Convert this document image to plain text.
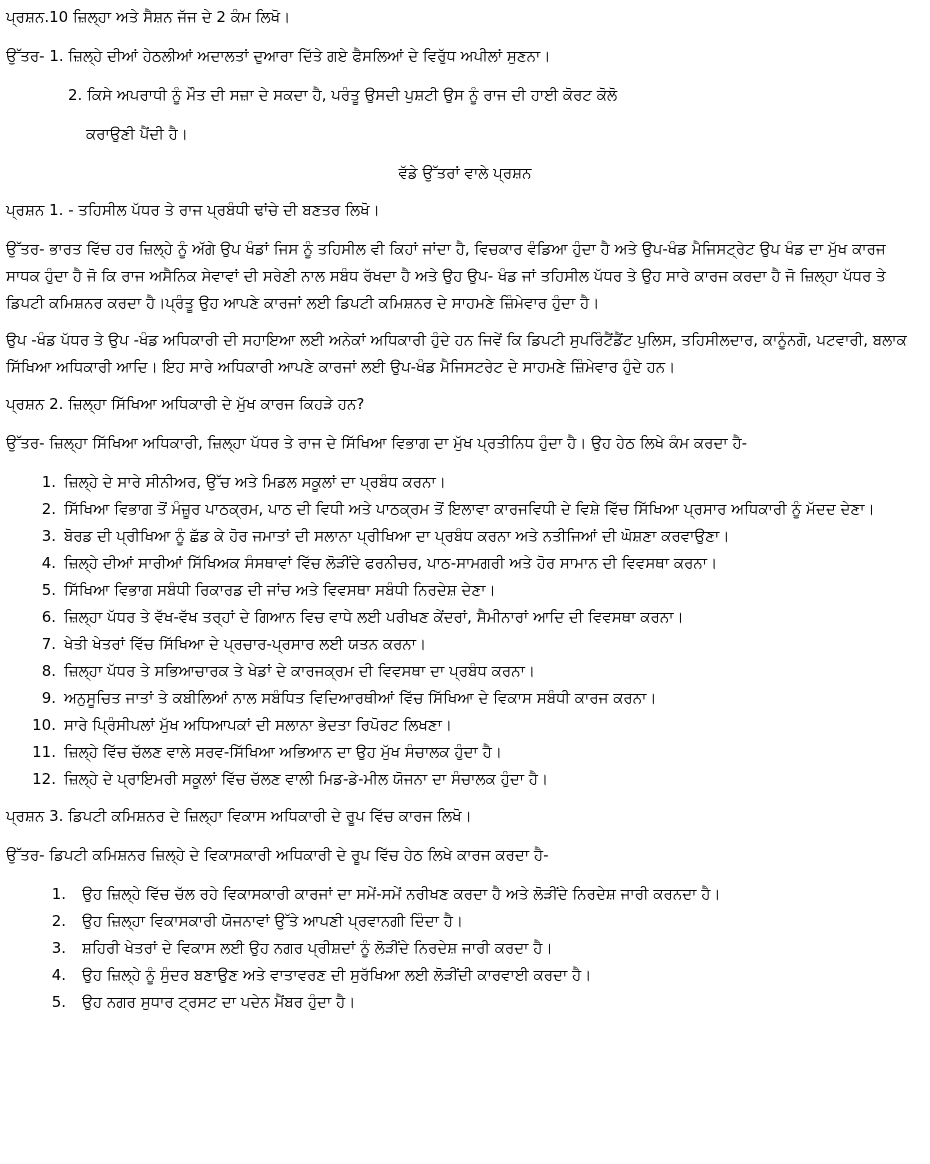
ਪ੍ਰਸ਼ਨ.10 ਜ਼ਿਲ੍ਹਾ ਅਤੇ ਸੈਸ਼ਨ ਜੱਜ ਦੇ 2 ਕੰਮ ਲਿਖੋ।

ਉੱਤਰ- 1. ਜ਼ਿਲ੍ਹੇ ਦੀਆਂ ਹੇਠਲੀਆਂ ਅਦਾਲਤਾਂ ਦੁਆਰਾ ਦਿੱਤੇ ਗਏ ਫੈਸਲਿਆਂ ਦੇ ਵਿਰੁੱਧ ਅਪੀਲਾਂ ਸੁਣਨਾ।

2. ਕਿਸੇ ਅਪਰਾਧੀ ਨੂੰ ਮੌਤ ਦੀ ਸਜ਼ਾ ਦੇ ਸਕਦਾ ਹੈ, ਪਰੰਤੂ ਉਸਦੀ ਪੁਸ਼ਟੀ ਉਸ ਨੂੰ ਰਾਜ ਦੀ ਹਾਈ ਕੋਰਟ ਕੋਲੋ

ਕਰਾਉਣੀ ਪੈਂਦੀ ਹੈ।

ਵੱਡੇ ਉੱਤਰਾਂ ਵਾਲੇ ਪ੍ਰਸ਼ਨ

ਪ੍ਰਸ਼ਨ 1. - ਤਹਿਸੀਲ ਪੱਧਰ ਤੇ ਰਾਜ ਪ੍ਰਬੰਧੀ ਢਾਂਚੇ ਦੀ ਬਣਤਰ ਲਿਖੋ।

ਉੱਤਰ- ਭਾਰਤ ਵਿੱਚ ਹਰ ਜ਼ਿਲ੍ਹੇ ਨੂੰ ਅੱਗੇ ਉਪ ਖੰਡਾਂ ਜਿਸ ਨੂੰ ਤਹਿਸੀਲ ਵੀ ਕਿਹਾਂ ਜਾਂਦਾ ਹੈ, ਵਿਚਕਾਰ ਵੰਡਿਆ ਹੁੰਦਾ ਹੈ ਅਤੇ ਉਪ-ਖੰਡ ਮੈਜਿਸਟ੍ਰੇਟ ਉਪ ਖੰਡ ਦਾ ਮੁੱਖ ਕਾਰਜ ਸਾਧਕ ਹੁੰਦਾ ਹੈ ਜੋ ਕਿ ਰਾਜ ਅਸੈਨਿਕ ਸੇਵਾਵਾਂ ਦੀ ਸਰੇਣੀ ਨਾਲ ਸਬੰਧ ਰੱਖਦਾ ਹੈ ਅਤੇ ਉਹ ਉਪ- ਖੰਡ ਜਾਂ ਤਹਿਸੀਲ ਪੱਧਰ ਤੇ ਉਹ ਸਾਰੇ ਕਾਰਜ ਕਰਦਾ ਹੈ ਜੋ ਜ਼ਿਲ੍ਹਾ ਪੱਧਰ ਤੇ ਡਿਪਟੀ ਕਮਿਸ਼ਨਰ ਕਰਦਾ ਹੈ।ਪ੍ਰੰਤੂ ਉਹ ਆਪਣੇ ਕਾਰਜਾਂ ਲਈ ਡਿਪਟੀ ਕਮਿਸ਼ਨਰ ਦੇ ਸਾਹਮਣੇ ਜ਼ਿੰਮੇਵਾਰ ਹੁੰਦਾ ਹੈ।

ਉਪ -ਖੰਡ ਪੱਧਰ ਤੇ ਉਪ -ਖੰਡ ਅਧਿਕਾਰੀ ਦੀ ਸਹਾਇਆ ਲਈ ਅਨੇਕਾਂ ਅਧਿਕਾਰੀ ਹੁੰਦੇ ਹਨ ਜਿਵੇਂ ਕਿ ਡਿਪਟੀ ਸੁਪਰਿੰਟੈਂਡੈਂਟ ਪੁਲਿਸ, ਤਹਿਸੀਲਦਾਰ, ਕਾਨੂੰਨਗੋ, ਪਟਵਾਰੀ, ਬਲਾਕ ਸਿੱਖਿਆ ਅਧਿਕਾਰੀ ਆਦਿ। ਇਹ ਸਾਰੇ ਅਧਿਕਾਰੀ ਆਪਣੇ ਕਾਰਜਾਂ ਲਈ ਉਪ-ਖੰਡ ਮੈਜਿਸਟਰੇਟ ਦੇ ਸਾਹਮਣੇ ਜ਼ਿੰਮੇਵਾਰ ਹੁੰਦੇ ਹਨ।

ਪ੍ਰਸ਼ਨ 2. ਜ਼ਿਲ੍ਹਾ ਸਿੱਖਿਆ ਅਧਿਕਾਰੀ ਦੇ ਮੁੱਖ ਕਾਰਜ ਕਿਹੜੇ ਹਨ?

ਉੱਤਰ- ਜ਼ਿਲ੍ਹਾ ਸਿੱਖਿਆ ਅਧਿਕਾਰੀ, ਜ਼ਿਲ੍ਹਾ ਪੱਧਰ ਤੇ ਰਾਜ ਦੇ ਸਿੱਖਿਆ ਵਿਭਾਗ ਦਾ ਮੁੱਖ ਪ੍ਰਤੀਨਿਧ ਹੁੰਦਾ ਹੈ। ਉਹ ਹੇਠ ਲਿਖੇ ਕੰਮ ਕਰਦਾ ਹੈ-

1. ਜ਼ਿਲ੍ਹੇ ਦੇ ਸਾਰੇ ਸੀਨੀਅਰ, ਉੱਚ ਅਤੇ ਮਿਡਲ ਸਕੂਲਾਂ ਦਾ ਪ੍ਰਬੰਧ ਕਰਨਾ।
2. ਸਿੱਖਿਆ ਵਿਭਾਗ ਤੋਂ ਮੰਜ਼ੂਰ ਪਾਠਕ੍ਰਮ, ਪਾਠ ਦੀ ਵਿਧੀ ਅਤੇ ਪਾਠਕ੍ਰਮ ਤੋਂ ਇਲਾਵਾ ਕਾਰਜਵਿਧੀ ਦੇ ਵਿਸ਼ੇ ਵਿੱਚ ਸਿੱਖਿਆ ਪ੍ਰਸਾਰ ਅਧਿਕਾਰੀ ਨੂੰ ਮੱਦਦ ਦੇਣਾ।
3. ਬੋਰਡ ਦੀ ਪ੍ਰੀਖਿਆ ਨੂੰ ਛੱਡ ਕੇ ਹੋਰ ਜਮਾਤਾਂ ਦੀ ਸਲਾਨਾ ਪ੍ਰੀਖਿਆ ਦਾ ਪ੍ਰਬੰਧ ਕਰਨਾ ਅਤੇ ਨਤੀਜਿਆਂ ਦੀ ਘੋਸ਼ਣਾ ਕਰਵਾਉਣਾ।
4. ਜ਼ਿਲ੍ਹੇ ਦੀਆਂ ਸਾਰੀਆਂ ਸਿੱਖਿਅਕ ਸੰਸਥਾਵਾਂ ਵਿੱਚ ਲੋੜੀਂਦੇ ਫਰਨੀਚਰ, ਪਾਠ-ਸਾਮਗਰੀ ਅਤੇ ਹੋਰ ਸਾਮਾਨ ਦੀ ਵਿਵਸਥਾ ਕਰਨਾ।
5. ਸਿੱਖਿਆ ਵਿਭਾਗ ਸਬੰਧੀ ਰਿਕਾਰਡ ਦੀ ਜਾਂਚ ਅਤੇ ਵਿਵਸਥਾ ਸਬੰਧੀ ਨਿਰਦੇਸ਼ ਦੇਣਾ।
6. ਜ਼ਿਲ੍ਹਾ ਪੱਧਰ ਤੇ ਵੱਖ-ਵੱਖ ਤਰ੍ਹਾਂ ਦੇ ਗਿਆਨ ਵਿਚ ਵਾਧੇ ਲਈ ਪਰੀਖਣ ਕੇਂਦਰਾਂ, ਸੈਮੀਨਾਰਾਂ ਆਦਿ ਦੀ ਵਿਵਸਥਾ ਕਰਨਾ।
7. ਖੇਤੀ ਖੇਤਰਾਂ ਵਿੱਚ ਸਿੱਖਿਆ ਦੇ ਪ੍ਰਚਾਰ-ਪ੍ਰਸਾਰ ਲਈ ਯਤਨ ਕਰਨਾ।
8. ਜ਼ਿਲ੍ਹਾ ਪੱਧਰ ਤੇ ਸਭਿਆਚਾਰਕ ਤੇ ਖੇਡਾਂ ਦੇ ਕਾਰਜਕ੍ਰਮ ਦੀ ਵਿਵਸਥਾ ਦਾ ਪ੍ਰਬੰਧ ਕਰਨਾ।
9. ਅਨੁਸੂਚਿਤ ਜਾਤਾਂ ਤੇ ਕਬੀਲਿਆਂ ਨਾਲ ਸਬੰਧਿਤ ਵਿਦਿਆਰਥੀਆਂ ਵਿੱਚ ਸਿੱਖਿਆ ਦੇ ਵਿਕਾਸ ਸਬੰਧੀ ਕਾਰਜ ਕਰਨਾ।
10. ਸਾਰੇ ਪ੍ਰਿੰਸੀਪਲਾਂ ਮੁੱਖ ਅਧਿਆਪਕਾਂ ਦੀ ਸਲਾਨਾ ਭੇਦਤਾ ਰਿਪੋਰਟ ਲਿਖਣਾ।
11. ਜ਼ਿਲ੍ਹੇ ਵਿੱਚ ਚੱਲਣ ਵਾਲੇ ਸਰਵ-ਸਿੱਖਿਆ ਅਭਿਆਨ ਦਾ ਉਹ ਮੁੱਖ ਸੰਚਾਲਕ ਹੁੰਦਾ ਹੈ।
12. ਜ਼ਿਲ੍ਹੇ ਦੇ ਪ੍ਰਾਇਮਰੀ ਸਕੂਲਾਂ ਵਿੱਚ ਚੱਲਣ ਵਾਲੀ ਮਿਡ-ਡੇ-ਮੀਲ ਯੋਜਨਾ ਦਾ ਸੰਚਾਲਕ ਹੁੰਦਾ ਹੈ।

ਪ੍ਰਸ਼ਨ 3. ਡਿਪਟੀ ਕਮਿਸ਼ਨਰ ਦੇ ਜ਼ਿਲ੍ਹਾ ਵਿਕਾਸ ਅਧਿਕਾਰੀ ਦੇ ਰੂਪ ਵਿੱਚ ਕਾਰਜ ਲਿਖੋ।

ਉੱਤਰ- ਡਿਪਟੀ ਕਮਿਸ਼ਨਰ ਜ਼ਿਲ੍ਹੇ ਦੇ ਵਿਕਾਸਕਾਰੀ ਅਧਿਕਾਰੀ ਦੇ ਰੂਪ ਵਿੱਚ ਹੇਠ ਲਿਖੇ ਕਾਰਜ ਕਰਦਾ ਹੈ-

1.	ਉਹ ਜ਼ਿਲ੍ਹੇ ਵਿੱਚ ਚੱਲ ਰਹੇ ਵਿਕਾਸਕਾਰੀ ਕਾਰਜਾਂ ਦਾ ਸਮੇਂ-ਸਮੇਂ ਨਰੀਖਣ ਕਰਦਾ ਹੈ ਅਤੇ ਲੋੜੀਂਦੇ ਨਿਰਦੇਸ਼ ਜਾਰੀ ਕਰਨਦਾ ਹੈ।
2.	ਉਹ ਜ਼ਿਲ੍ਹਾ ਵਿਕਾਸਕਾਰੀ ਯੋਜਨਾਵਾਂ ਉੱਤੇ ਆਪਣੀ ਪ੍ਰਵਾਨਗੀ ਦਿੰਦਾ ਹੈ।
3.	ਸ਼ਹਿਰੀ ਖੇਤਰਾਂ ਦੇ ਵਿਕਾਸ ਲਈ ਉਹ ਨਗਰ ਪ੍ਰੀਸ਼ਦਾਂ ਨੂੰ ਲੋੜੀਂਦੇ ਨਿਰਦੇਸ਼ ਜਾਰੀ ਕਰਦਾ ਹੈ।
4.	ਉਹ ਜ਼ਿਲ੍ਹੇ ਨੂੰ ਸੁੰਦਰ ਬਣਾਉਣ ਅਤੇ ਵਾਤਾਵਰਣ ਦੀ ਸੁਰੱਖਿਆ ਲਈ ਲੋੜੀਂਦੀ ਕਾਰਵਾਈ ਕਰਦਾ ਹੈ।
5.	ਉਹ ਨਗਰ ਸੁਧਾਰ ਟ੍ਰਸਟ ਦਾ ਪਦੇਨ ਮੈਂਬਰ ਹੁੰਦਾ ਹੈ।
